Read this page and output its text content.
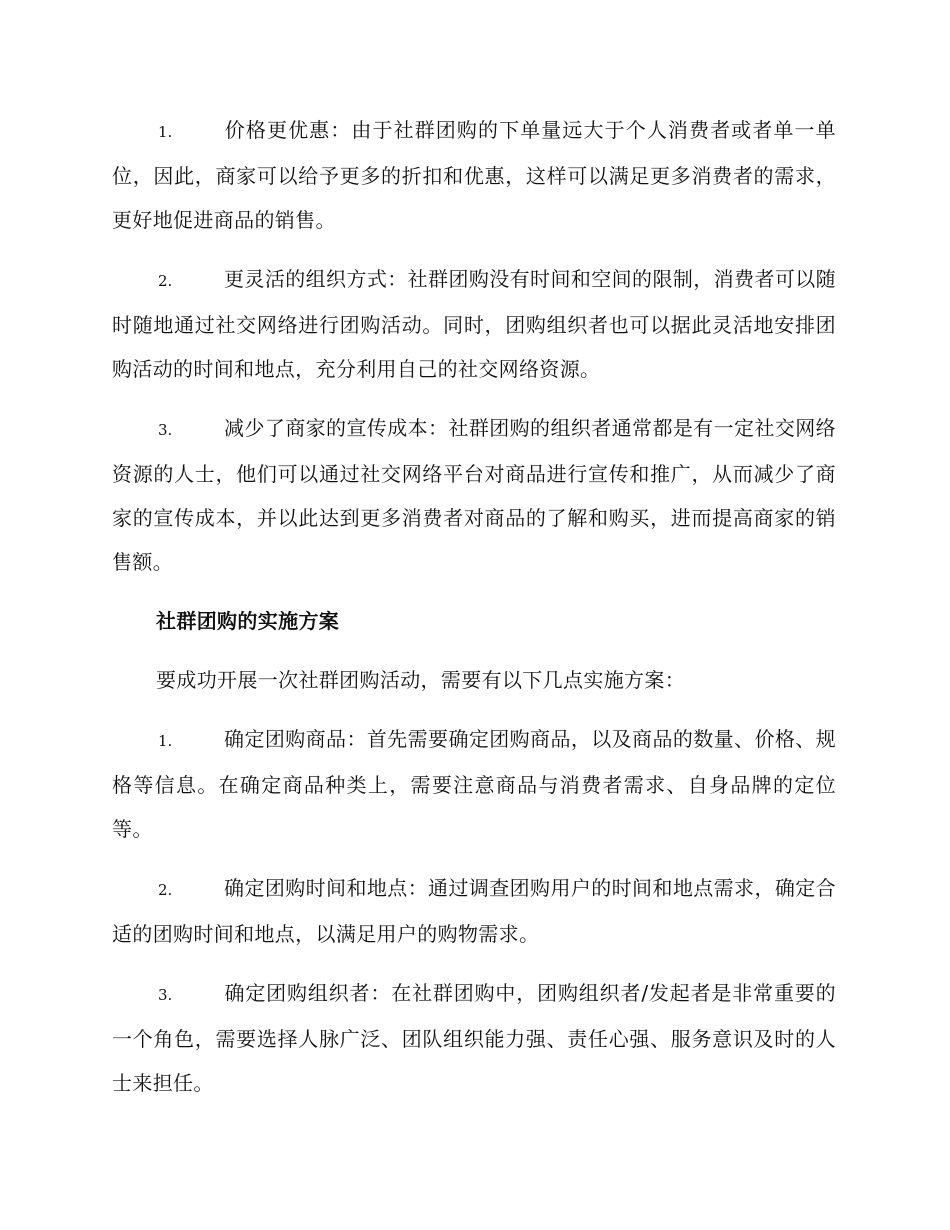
1.	价格更优惠：由于社群团购的下单量远大于个人消费者或者单一单位，因此，商家可以给予更多的折扣和优惠，这样可以满足更多消费者的需求，更好地促进商品的销售。

2.	更灵活的组织方式：社群团购没有时间和空间的限制，消费者可以随时随地通过社交网络进行团购活动。同时，团购组织者也可以据此灵活地安排团购活动的时间和地点，充分利用自己的社交网络资源。

3.	减少了商家的宣传成本：社群团购的组织者通常都是有一定社交网络资源的人士，他们可以通过社交网络平台对商品进行宣传和推广，从而减少了商家的宣传成本，并以此达到更多消费者对商品的了解和购买，进而提高商家的销售额。

社群团购的实施方案

要成功开展一次社群团购活动，需要有以下几点实施方案：

1.	确定团购商品：首先需要确定团购商品，以及商品的数量、价格、规格等信息。在确定商品种类上，需要注意商品与消费者需求、自身品牌的定位等。

2.	确定团购时间和地点：通过调查团购用户的时间和地点需求，确定合适的团购时间和地点，以满足用户的购物需求。

3.	确定团购组织者：在社群团购中，团购组织者/发起者是非常重要的一个角色，需要选择人脉广泛、团队组织能力强、责任心强、服务意识及时的人士来担任。
